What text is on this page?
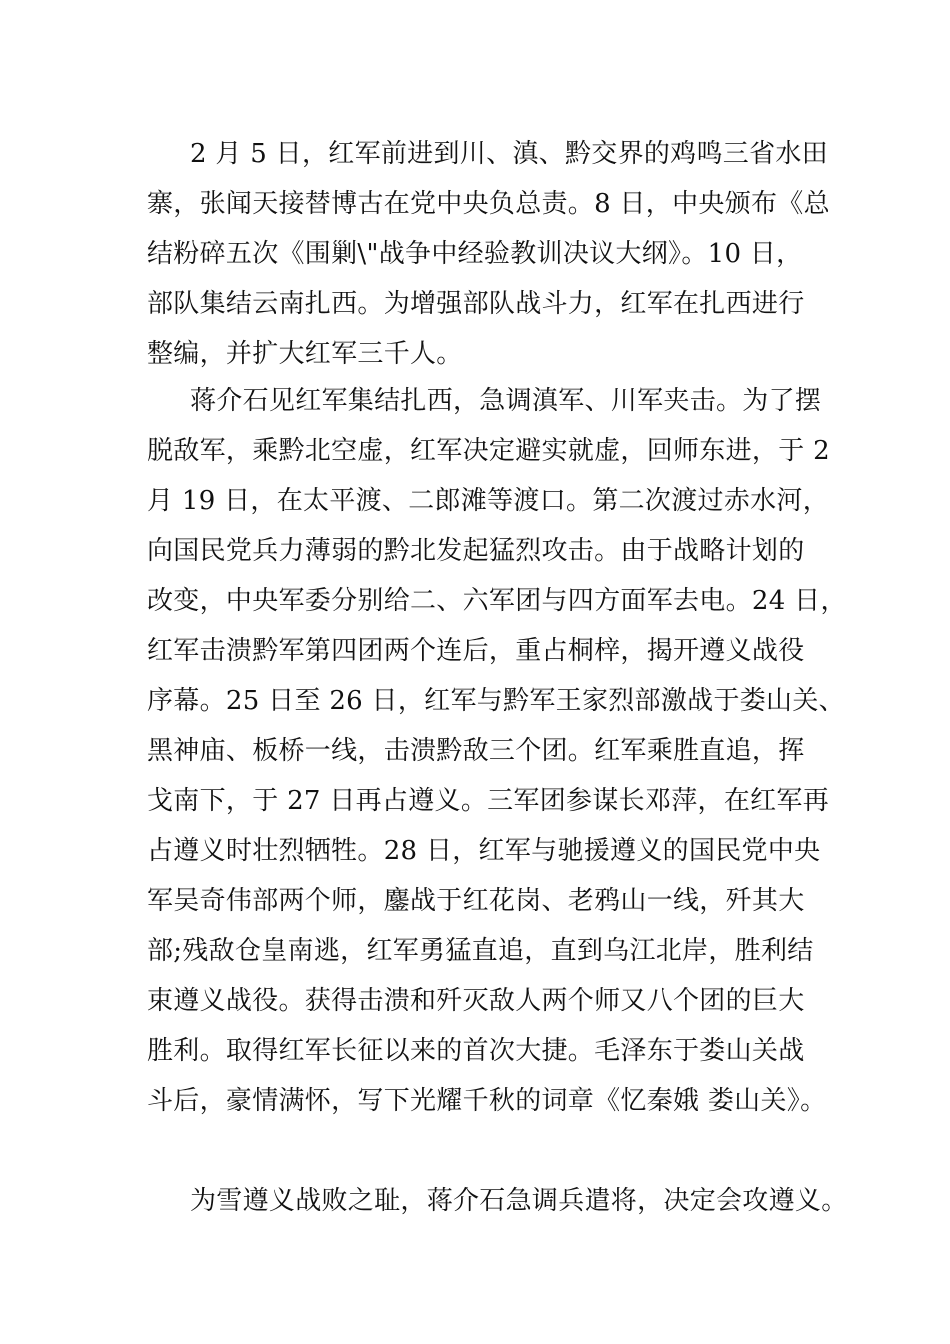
2 月 5 日，红军前进到川、滇、黔交界的鸡鸣三省水田
寨，张闻天接替博古在党中央负总责。8 日，中央颁布《总
结粉碎五次《围剿\"战争中经验教训决议大纲》。10 日，
部队集结云南扎西。为增强部队战斗力，红军在扎西进行
整编，并扩大红军三千人。
蒋介石见红军集结扎西，急调滇军、川军夹击。为了摆
脱敌军，乘黔北空虚，红军决定避实就虚，回师东进，于 2
月 19 日，在太平渡、二郎滩等渡口。第二次渡过赤水河，
向国民党兵力薄弱的黔北发起猛烈攻击。由于战略计划的
改变，中央军委分别给二、六军团与四方面军去电。24 日，
红军击溃黔军第四团两个连后，重占桐梓，揭开遵义战役
序幕。25 日至 26 日，红军与黔军王家烈部激战于娄山关、
黑神庙、板桥一线，击溃黔敌三个团。红军乘胜直追，挥
戈南下，于 27 日再占遵义。三军团参谋长邓萍，在红军再
占遵义时壮烈牺牲。28 日，红军与驰援遵义的国民党中央
军吴奇伟部两个师，鏖战于红花岗、老鸦山一线，歼其大
部;残敌仓皇南逃，红军勇猛直追，直到乌江北岸，胜利结
束遵义战役。获得击溃和歼灭敌人两个师又八个团的巨大
胜利。取得红军长征以来的首次大捷。毛泽东于娄山关战
斗后，豪情满怀，写下光耀千秋的词章《忆秦娥 娄山关》。
为雪遵义战败之耻，蒋介石急调兵遣将，决定会攻遵义。
